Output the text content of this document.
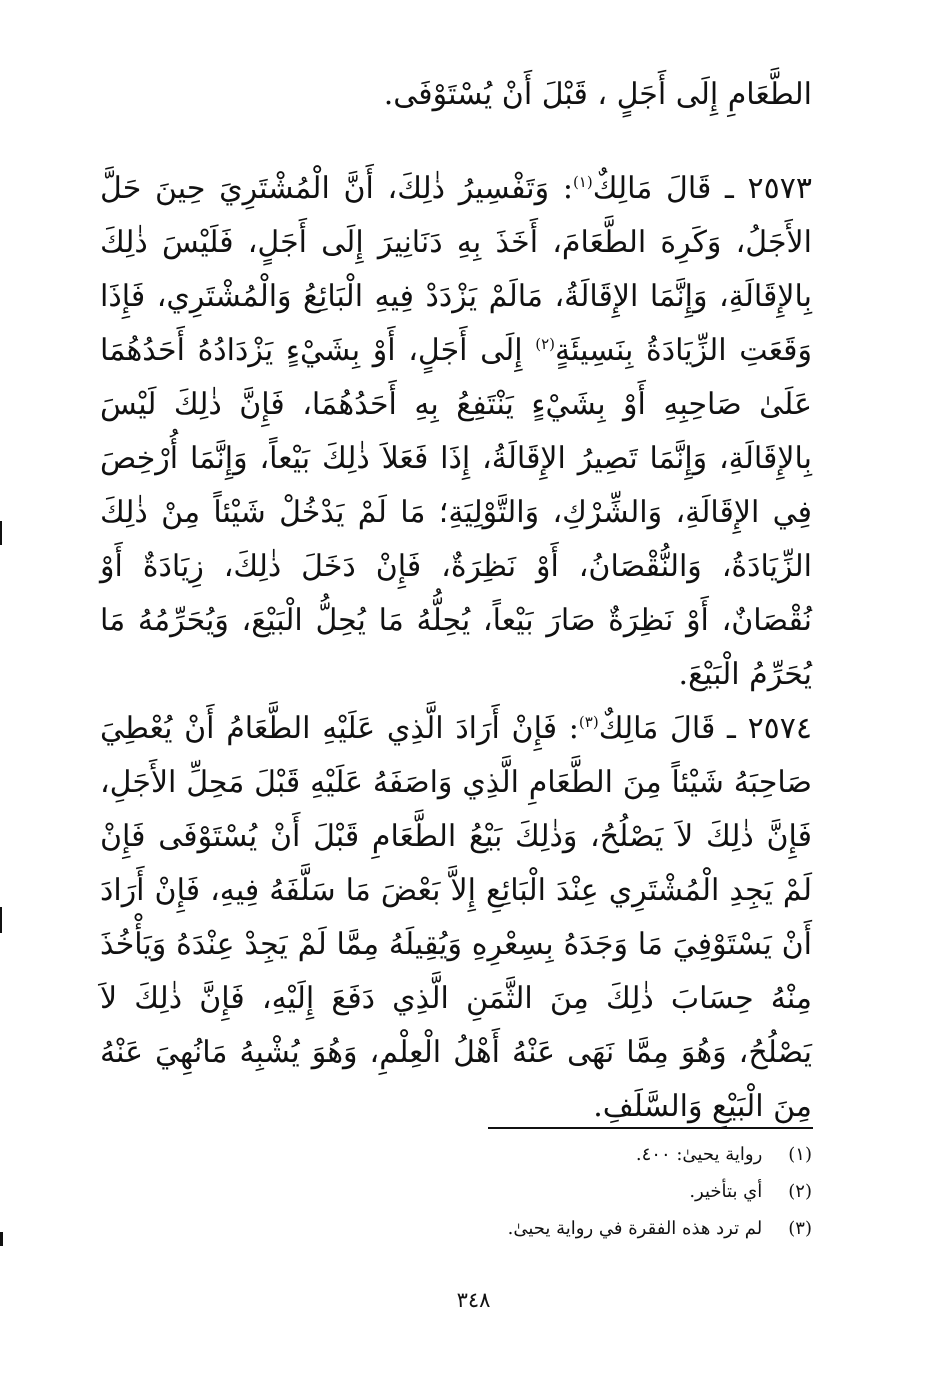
الطَّعَامِ إِلَى أَجَلٍ ، قَبْلَ أَنْ يُسْتَوْفَى.
٢٥٧٣ ـ قَالَ مَالِكٌ$^{(١)}$: وَتَفْسِيرُ ذٰلِكَ، أَنَّ الْمُشْتَرِيَ حِينَ حَلَّ الأَجَلُ، وَكَرِهَ الطَّعَامَ، أَخَذَ بِهِ دَنَانِيرَ إِلَى أَجَلٍ، فَلَيْسَ ذٰلِكَ بِالإِقَالَةِ، وَإِنَّمَا الإِقَالَةُ، مَالَمْ يَزْدَدْ فِيهِ الْبَائِعُ وَالْمُشْتَرِي، فَإِذَا وَقَعَتِ الزِّيَادَةُ بِنَسِيئَةٍ$^{(٢)}$ إِلَى أَجَلٍ، أَوْ بِشَيْءٍ يَزْدَادُهُ أَحَدُهُمَا عَلَىٰ صَاحِبِهِ أَوْ بِشَيْءٍ يَنْتَفِعُ بِهِ أَحَدُهُمَا، فَإِنَّ ذٰلِكَ لَيْسَ بِالإِقَالَةِ، وَإِنَّمَا تَصِيرُ الإِقَالَةُ، إِذَا فَعَلاَ ذٰلِكَ بَيْعاً، وَإِنَّمَا أُرْخِصَ فِي الإِقَالَةِ، وَالشِّرْكِ، وَالتَّوْلِيَةِ؛ مَا لَمْ يَدْخُلْ شَيْئاً مِنْ ذٰلِكَ الزِّيَادَةُ، وَالنُّقْصَانُ، أَوْ نَظِرَةٌ، فَإِنْ دَخَلَ ذٰلِكَ، زِيَادَةٌ أَوْ نُقْصَانٌ، أَوْ نَظِرَةٌ صَارَ بَيْعاً، يُحِلُّهُ مَا يُحِلُّ الْبَيْعَ، وَيُحَرِّمُهُ مَا يُحَرِّمُ الْبَيْعَ.
٢٥٧٤ ـ قَالَ مَالِكٌ$^{(٣)}$: فَإِنْ أَرَادَ الَّذِي عَلَيْهِ الطَّعَامُ أَنْ يُعْطِيَ صَاحِبَهُ شَيْئاً مِنَ الطَّعَامِ الَّذِي وَاصَفَهُ عَلَيْهِ قَبْلَ مَحِلِّ الأَجَلِ، فَإِنَّ ذٰلِكَ لاَ يَصْلُحُ، وَذٰلِكَ بَيْعُ الطَّعَامِ قَبْلَ أَنْ يُسْتَوْفَى فَإِنْ لَمْ يَجِدِ الْمُشْتَرِي عِنْدَ الْبَائِعِ إِلاَّ بَعْضَ مَا سَلَّفَهُ فِيهِ، فَإِنْ أَرَادَ أَنْ يَسْتَوْفِيَ مَا وَجَدَهُ بِسِعْرِهِ وَيُقِيلَهُ مِمَّا لَمْ يَجِدْ عِنْدَهُ وَيَأْخُذَ مِنْهُ حِسَابَ ذٰلِكَ مِنَ الثَّمَنِ الَّذِي دَفَعَ إِلَيْهِ، فَإِنَّ ذٰلِكَ لاَ يَصْلُحُ، وَهُوَ مِمَّا نَهَى عَنْهُ أَهْلُ الْعِلْمِ، وَهُوَ يُشْبِهُ مَانُهِيَ عَنْهُ مِنَ الْبَيْعِ وَالسَّلَفِ.
(١) رواية يحيىٰ: ٤٠٠.
(٢) أي بتأخير.
(٣) لم ترد هذه الفقرة في رواية يحيىٰ.
٣٤٨
